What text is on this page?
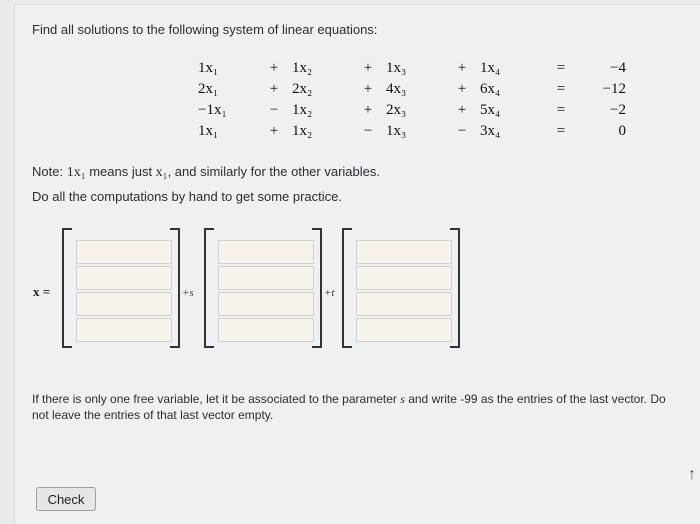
Find all solutions to the following system of linear equations:
1x₁	+	1x₂	+	1x₃	+	1x₄	=	−4
2x₁	+	2x₂	+	4x₃	+	6x₄	=	−12
−1x₁	−	1x₂	+	2x₃	+	5x₄	=	−2
1x₁	+	1x₂	−	1x₃	−	3x₄	=	0
Note: 1x₁ means just x₁, and similarly for the other variables.
Do all the computations by hand to get some practice.
x =	+s	+t
If there is only one free variable, let it be associated to the parameter s and write -99 as the entries of the last vector. Do not leave the entries of that last vector empty.
Check
↑
